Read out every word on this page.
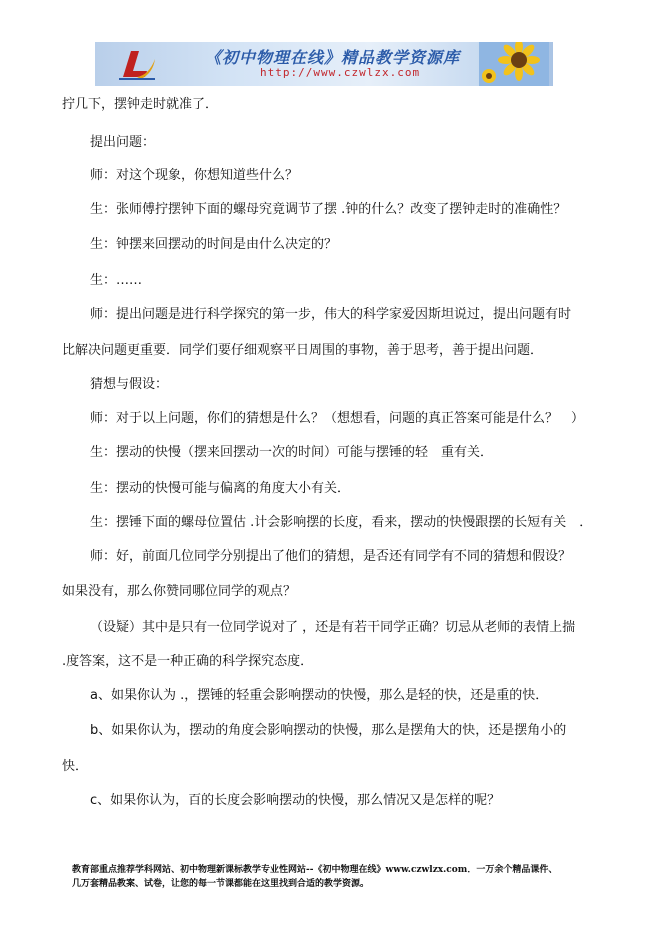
《初中物理在线》精品教学资源库
http://www.czwlzx.com
拧几下，摆钟走时就准了．
提出问题：
师：对这个现象，你想知道些什么？
生：张师傅拧摆钟下面的螺母究竟调节了摆 .钟的什么？改变了摆钟走时的准确性？
生：钟摆来回摆动的时间是由什么决定的？
生：……
师：提出问题是进行科学探究的第一步，伟大的科学家爱因斯坦说过，提出问题有时
比解决问题更重要．同学们要仔细观察平日周围的事物，善于思考，善于提出问题．
猜想与假设：
师：对于以上问题，你们的猜想是什么？（想想看，问题的真正答案可能是什么？　）
生：摆动的快慢（摆来回摆动一次的时间）可能与摆锤的轻　重有关．
生：摆动的快慢可能与偏离的角度大小有关．
生：摆锤下面的螺母位置估 .计会影响摆的长度，看来，摆动的快慢跟摆的长短有关　．
师：好，前面几位同学分别提出了他们的猜想，是否还有同学有不同的猜想和假设？
如果没有，那么你赞同哪位同学的观点？
（设疑）其中是只有一位同学说对了 ，还是有若干同学正确？切忌从老师的表情上揣
.度答案，这不是一种正确的科学探究态度．
a、如果你认为 .，摆锤的轻重会影响摆动的快慢，那么是轻的快，还是重的快．
b、如果你认为，摆动的角度会影响摆动的快慢，那么是摆角大的快，还是摆角小的
快．
c、如果你认为，百的长度会影响摆动的快慢，那么情况又是怎样的呢？
教育部重点推荐学科网站、初中物理新课标教学专业性网站--《初中物理在线》www.czwlzx.com．一万余个精品课件、
几万套精品教案、试卷，让您的每一节课都能在这里找到合适的教学资源。
